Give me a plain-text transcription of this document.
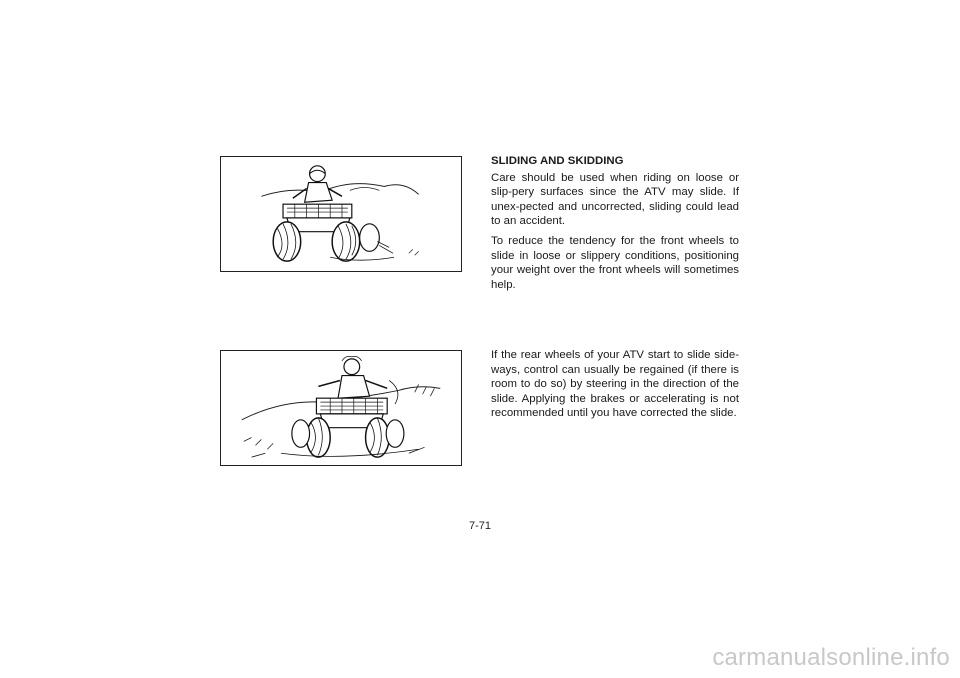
SLIDING AND SKIDDING

Care should be used when riding on loose or slip-pery surfaces since the ATV may slide. If unex-pected and uncorrected, sliding could lead to an accident.

To reduce the tendency for the front wheels to slide in loose or slippery conditions, positioning your weight over the front wheels will sometimes help.

If the rear wheels of your ATV start to slide side-ways, control can usually be regained (if there is room to do so) by steering in the direction of the slide. Applying the brakes or accelerating is not recommended until you have corrected the slide.

7-71
carmanualsonline.info
